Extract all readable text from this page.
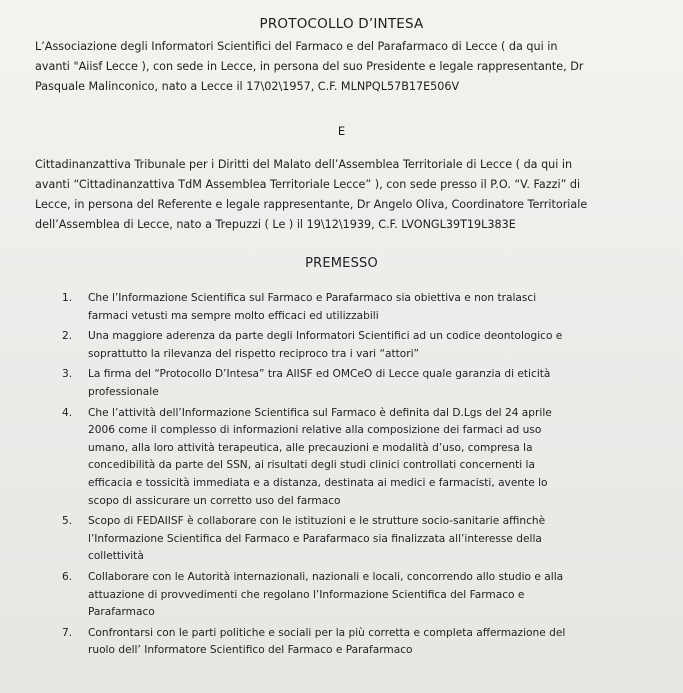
PROTOCOLLO D’INTESA
L’Associazione degli Informatori Scientifici del Farmaco e del Parafarmaco di Lecce ( da qui in
avanti "Aiisf Lecce ), con sede in Lecce, in persona del suo Presidente e legale rappresentante, Dr
Pasquale Malinconico, nato a Lecce il 17\02\1957, C.F. MLNPQL57B17E506V
E
Cittadinanzattiva Tribunale per i Diritti del Malato dell’Assemblea Territoriale di Lecce ( da qui in
avanti “Cittadinanzattiva TdM Assemblea Territoriale Lecce” ), con sede presso il P.O. “V. Fazzi” di
Lecce, in persona del Referente e legale rappresentante, Dr Angelo Oliva, Coordinatore Territoriale
dell’Assemblea di Lecce, nato a Trepuzzi ( Le ) il 19\12\1939, C.F. LVONGL39T19L383E
PREMESSO
1. Che l’Informazione Scientifica sul Farmaco e Parafarmaco sia obiettiva e non tralasci
farmaci vetusti ma sempre molto efficaci ed utilizzabili
2. Una maggiore aderenza da parte degli Informatori Scientifici ad un codice deontologico e
soprattutto la rilevanza del rispetto reciproco tra i vari “attori”
3. La firma del “Protocollo D’Intesa” tra AIISF ed OMCeO di Lecce quale garanzia di eticità
professionale
4. Che l’attività dell’Informazione Scientifica sul Farmaco è definita dal D.Lgs del 24 aprile
2006 come il complesso di informazioni relative alla composizione dei farmaci ad uso
umano, alla loro attività terapeutica, alle precauzioni e modalità d’uso, compresa la
concedibilità da parte del SSN, ai risultati degli studi clinici controllati concernenti la
efficacia e tossicità immediata e a distanza, destinata ai medici e farmacisti, avente lo
scopo di assicurare un corretto uso del farmaco
5. Scopo di FEDAIISF è collaborare con le istituzioni e le strutture socio-sanitarie affinchè
l’Informazione Scientifica del Farmaco e Parafarmaco sia finalizzata all’interesse della
collettività
6. Collaborare con le Autorità internazionali, nazionali e locali, concorrendo allo studio e alla
attuazione di provvedimenti che regolano l’Informazione Scientifica del Farmaco e
Parafarmaco
7. Confrontarsi con le parti politiche e sociali per la più corretta e completa affermazione del
ruolo dell’ Informatore Scientifico del Farmaco e Parafarmaco
